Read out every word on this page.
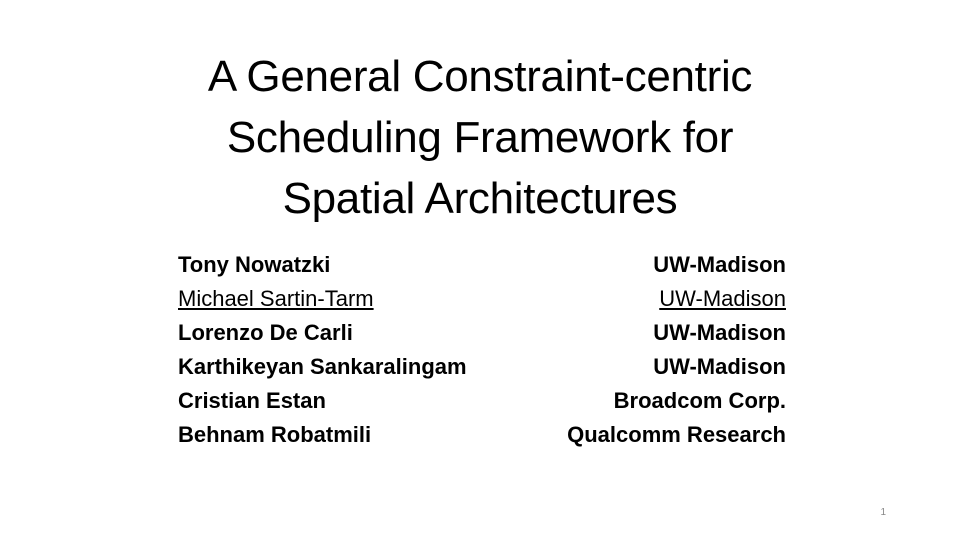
A General Constraint-centric
Scheduling Framework for
Spatial Architectures
Tony Nowatzki
Michael Sartin-Tarm
Lorenzo De Carli
Karthikeyan Sankaralingam
Cristian Estan
Behnam Robatmili
UW-Madison
UW-Madison
UW-Madison
UW-Madison
Broadcom Corp.
Qualcomm Research
1
